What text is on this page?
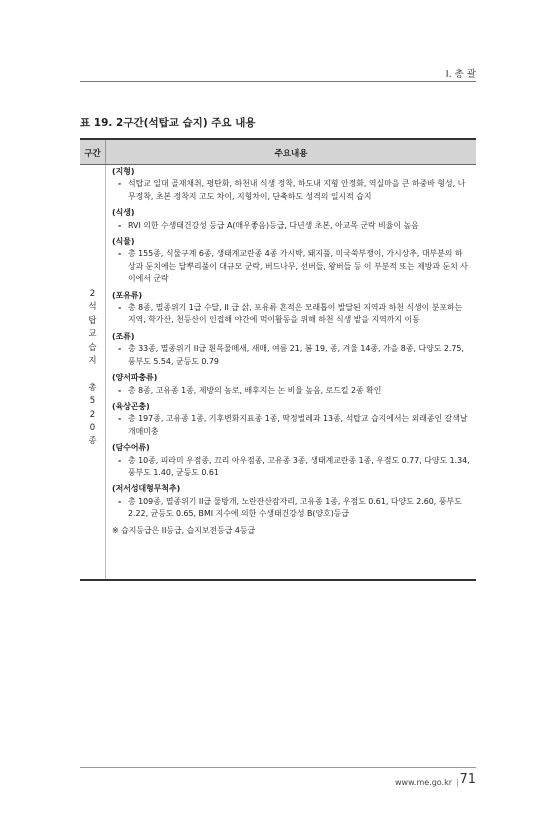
I. 총 괄
표 19. 2구간(석탑교 습지) 주요 내용
구간	주요내용
2
석
탑
교
습
지

총
5
2
0
종
(지형)
- 석탑교 일대 골재채취, 평탄화, 하천내 식생 정착, 하도내 지형 안정화, 역실마을 큰 하중바 형성, 나무정착, 초본 정착지 고도 차이, 지형차이, 단축하도 성격의 일시적 습지
(식생)
- RVI 의한 수생태건강성 등급 A(매우좋음)등급, 다년생 초본, 아교목 군락 비율이 높음
(식물)
- 총 155종, 식물구계 6종, 생태계교란종 4종 가시박, 돼지풀, 미국쑥부쟁이, 가시상추, 대부분의 하상과 둔치에는 달뿌리풀이 대규모 군락, 버드나무, 선버들, 왕버들 등 이 부분적 또는 제방과 둔치 사이에서 군락
(포유류)
- 총 8종, 멸종위기 1급 수달, II 급 삵, 포유류 흔적은 모래톱이 발달된 지역과 하천 식생이 분포하는 지역, 학가산, 천등산이 인접해 야간에 먹이활동을 위해 하천 식생 밭을 지역까지 이동
(조류)
- 총 33종, 멸종위기 II급 흰목물떼새, 새매, 여름 21, 봄 19, 종, 겨울 14종, 가을 8종, 다양도 2.75, 풍부도 5.54, 균등도 0.79
(양서파충류)
- 총 8종, 고유종 1종, 제방의 농로, 배후지는 논 비율 높음, 로드킬 2종 확인
(육상곤충)
- 총 197종, 고유종 1종, 기후변화지표종 1종, 딱정벌레과 13종, 석탑교 습지에서는 외래종인 갈색날개매미충
(담수어류)
- 총 10종, 피라미 우점종, 끄리 아우점종, 고유종 3종, 생태계교란종 1종, 우점도 0.77, 다양도 1.34, 풍부도 1.40, 균등도 0.61
(저서성대형무척추)
- 총 109종, 멸종위기 II급 물방개, 노란잔산잠자리, 고유종 1종, 우점도 0.61, 다양도 2.60, 풍부도 2.22, 균등도 0.65, BMI 지수에 의한 수생태건강성 B(양호)등급
※ 습지등급은 II등급, 습지보전등급 4등급
www.me.go.kr | 71
